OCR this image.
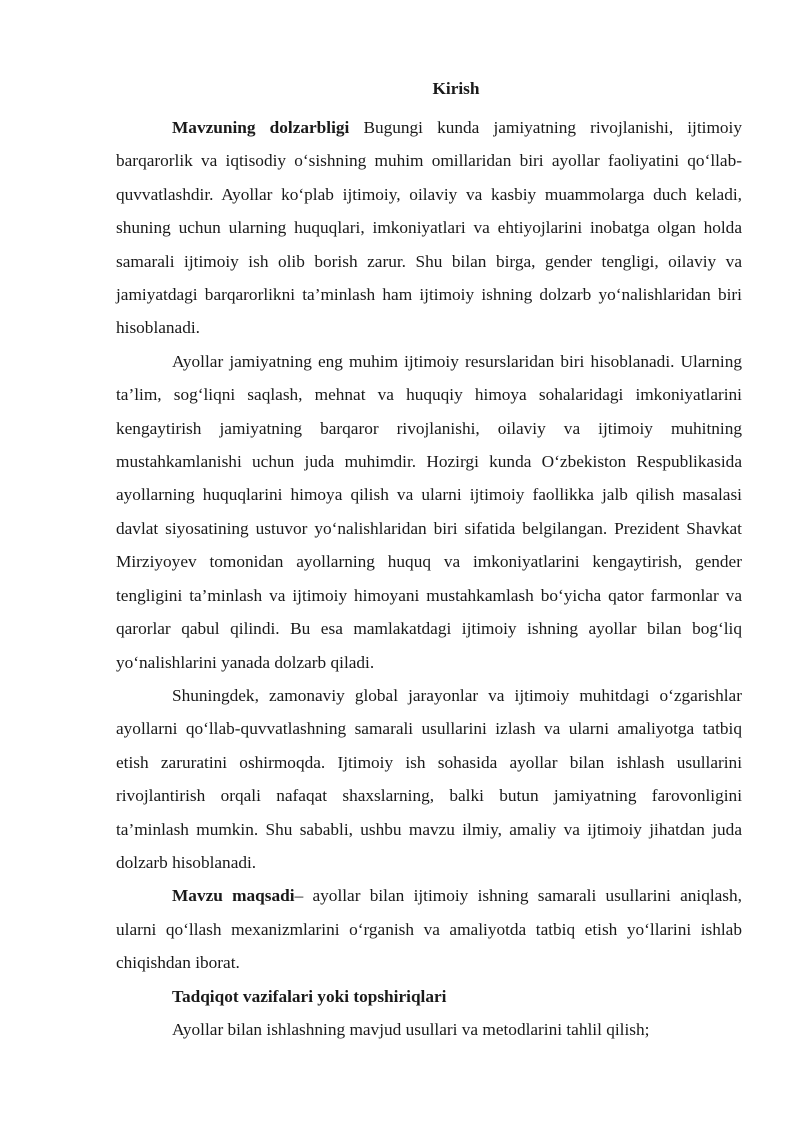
Kirish

Mavzuning dolzarbligi Bugungi kunda jamiyatning rivojlanishi, ijtimoiy barqarorlik va iqtisodiy o‘sishning muhim omillaridan biri ayollar faoliyatini qo‘llab-quvvatlashdir. Ayollar ko‘plab ijtimoiy, oilaviy va kasbiy muammolarga duch keladi, shuning uchun ularning huquqlari, imkoniyatlari va ehtiyojlarini inobatga olgan holda samarali ijtimoiy ish olib borish zarur. Shu bilan birga, gender tengligi, oilaviy va jamiyatdagi barqarorlikni ta’minlash ham ijtimoiy ishning dolzarb yo‘nalishlaridan biri hisoblanadi.

Ayollar jamiyatning eng muhim ijtimoiy resurslaridan biri hisoblanadi. Ularning ta’lim, sog‘liqni saqlash, mehnat va huquqiy himoya sohalaridagi imkoniyatlarini kengaytirish jamiyatning barqaror rivojlanishi, oilaviy va ijtimoiy muhitning mustahkamlanishi uchun juda muhimdir. Hozirgi kunda O‘zbekiston Respublikasida ayollarning huquqlarini himoya qilish va ularni ijtimoiy faollikka jalb qilish masalasi davlat siyosatining ustuvor yo‘nalishlaridan biri sifatida belgilangan. Prezident Shavkat Mirziyoyev tomonidan ayollarning huquq va imkoniyatlarini kengaytirish, gender tengligini ta’minlash va ijtimoiy himoyani mustahkamlash bo‘yicha qator farmonlar va qarorlar qabul qilindi. Bu esa mamlakatdagi ijtimoiy ishning ayollar bilan bog‘liq yo‘nalishlarini yanada dolzarb qiladi.

Shuningdek, zamonaviy global jarayonlar va ijtimoiy muhitdagi o‘zgarishlar ayollarni qo‘llab-quvvatlashning samarali usullarini izlash va ularni amaliyotga tatbiq etish zaruratini oshirmoqda. Ijtimoiy ish sohasida ayollar bilan ishlash usullarini rivojlantirish orqali nafaqat shaxslarning, balki butun jamiyatning farovonligini ta’minlash mumkin. Shu sababli, ushbu mavzu ilmiy, amaliy va ijtimoiy jihatdan juda dolzarb hisoblanadi.

Mavzu maqsadi– ayollar bilan ijtimoiy ishning samarali usullarini aniqlash, ularni qo‘llash mexanizmlarini o‘rganish va amaliyotda tatbiq etish yo‘llarini ishlab chiqishdan iborat.

Tadqiqot vazifalari yoki topshiriqlari

Ayollar bilan ishlashning mavjud usullari va metodlarini tahlil qilish;
